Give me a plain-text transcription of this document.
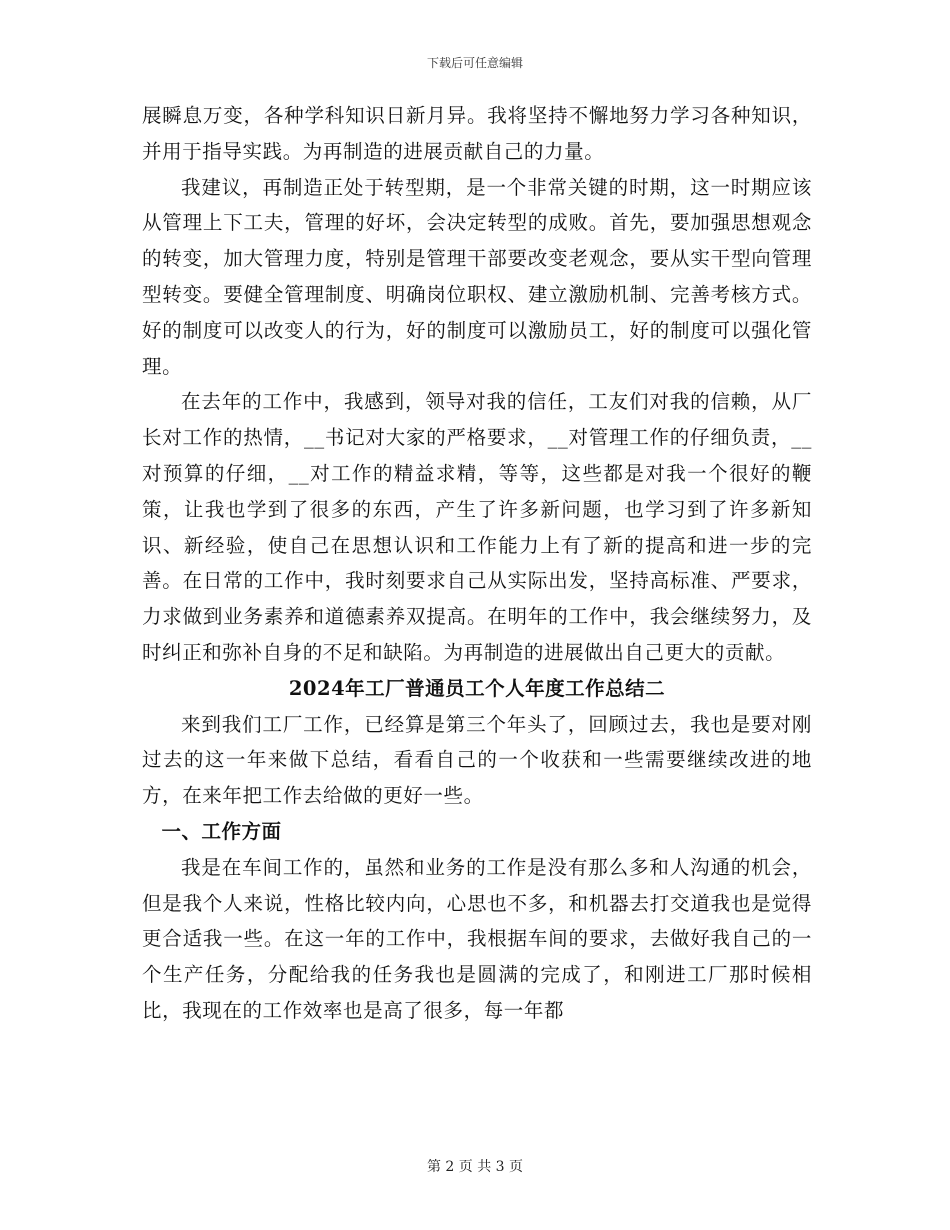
下载后可任意编辑

展瞬息万变，各种学科知识日新月异。我将坚持不懈地努力学习各种知识，并用于指导实践。为再制造的进展贡献自己的力量。

我建议，再制造正处于转型期，是一个非常关键的时期，这一时期应该从管理上下工夫，管理的好坏，会决定转型的成败。首先，要加强思想观念的转变，加大管理力度，特别是管理干部要改变老观念，要从实干型向管理型转变。要健全管理制度、明确岗位职权、建立激励机制、完善考核方式。好的制度可以改变人的行为，好的制度可以激励员工，好的制度可以强化管理。

在去年的工作中，我感到，领导对我的信任，工友们对我的信赖，从厂长对工作的热情，__书记对大家的严格要求，__对管理工作的仔细负责，__对预算的仔细，__对工作的精益求精，等等，这些都是对我一个很好的鞭策，让我也学到了很多的东西，产生了许多新问题，也学习到了许多新知识、新经验，使自己在思想认识和工作能力上有了新的提高和进一步的完善。在日常的工作中，我时刻要求自己从实际出发，坚持高标准、严要求，力求做到业务素养和道德素养双提高。在明年的工作中，我会继续努力，及时纠正和弥补自身的不足和缺陷。为再制造的进展做出自己更大的贡献。

2024年工厂普通员工个人年度工作总结二

来到我们工厂工作，已经算是第三个年头了，回顾过去，我也是要对刚过去的这一年来做下总结，看看自己的一个收获和一些需要继续改进的地方，在来年把工作去给做的更好一些。

一、工作方面

我是在车间工作的，虽然和业务的工作是没有那么多和人沟通的机会，但是我个人来说，性格比较内向，心思也不多，和机器去打交道我也是觉得更合适我一些。在这一年的工作中，我根据车间的要求，去做好我自己的一个生产任务，分配给我的任务我也是圆满的完成了，和刚进工厂那时候相比，我现在的工作效率也是高了很多，每一年都

第 2 页 共 3 页
